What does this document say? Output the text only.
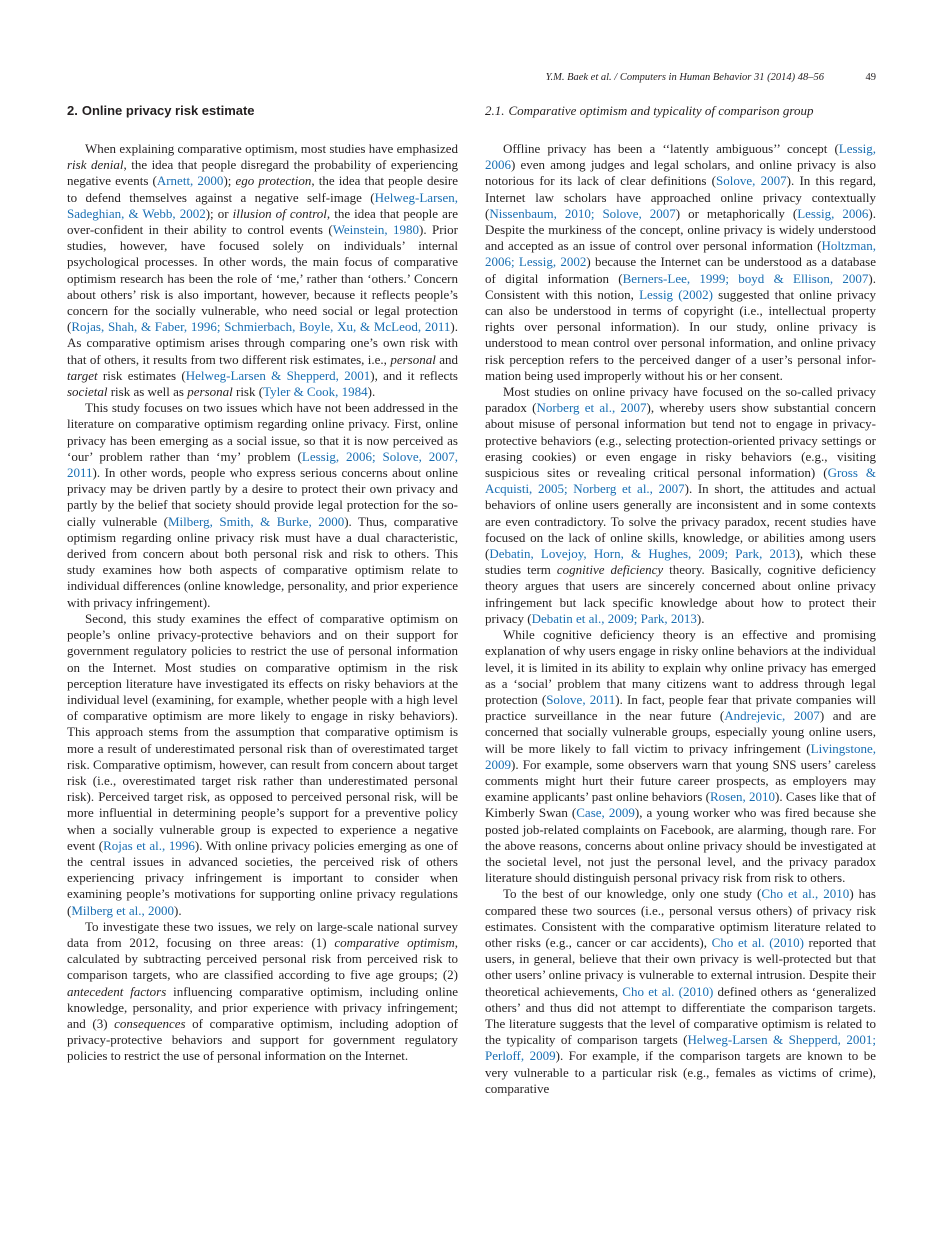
Y.M. Baek et al. / Computers in Human Behavior 31 (2014) 48–56	49
2. Online privacy risk estimate

When explaining comparative optimism, most studies have emphasized risk denial, the idea that people disregard the probability of experiencing negative events (Arnett, 2000); ego protection, the idea that people desire to defend themselves against a negative self-image (Helweg-Larsen, Sadeghian, & Webb, 2002); or illusion of control, the idea that people are over-confident in their ability to control events (Weinstein, 1980). Prior studies, however, have focused solely on individuals’ internal psychological processes. In other words, the main focus of comparative optimism research has been the role of ‘me,’ rather than ‘others.’ Concern about others’ risk is also important, however, because it reflects people’s concern for the socially vulnerable, who need social or legal protection (Rojas, Shah, & Faber, 1996; Schmierbach, Boyle, Xu, & McLeod, 2011). As comparative optimism arises through comparing one’s own risk with that of others, it results from two different risk estimates, i.e., personal and target risk estimates (Helweg-Larsen & Shepperd, 2001), and it reflects societal risk as well as personal risk (Tyler & Cook, 1984).

This study focuses on two issues which have not been addressed in the literature on comparative optimism regarding online privacy. First, online privacy has been emerging as a social issue, so that it is now perceived as ‘our’ problem rather than ‘my’ problem (Lessig, 2006; Solove, 2007, 2011). In other words, people who express serious concerns about online privacy may be driven partly by a desire to protect their own privacy and partly by the belief that society should provide legal protection for the socially vulnerable (Milberg, Smith, & Burke, 2000). Thus, comparative optimism regarding online privacy risk must have a dual characteristic, derived from concern about both personal risk and risk to others. This study examines how both aspects of comparative optimism relate to individual differences (online knowledge, personality, and prior experience with privacy infringement).

Second, this study examines the effect of comparative optimism on people’s online privacy-protective behaviors and on their support for government regulatory policies to restrict the use of personal information on the Internet. Most studies on comparative optimism in the risk perception literature have investigated its effects on risky behaviors at the individual level (examining, for example, whether people with a high level of comparative optimism are more likely to engage in risky behaviors). This approach stems from the assumption that comparative optimism is more a result of underestimated personal risk than of overestimated target risk. Comparative optimism, however, can result from concern about target risk (i.e., overestimated target risk rather than underestimated personal risk). Perceived target risk, as opposed to perceived personal risk, will be more influential in determining people’s support for a preventive policy when a socially vulnerable group is expected to experience a negative event (Rojas et al., 1996). With online privacy policies emerging as one of the central issues in advanced societies, the perceived risk of others experiencing privacy infringement is important to consider when examining people’s motivations for supporting online privacy regulations (Milberg et al., 2000).

To investigate these two issues, we rely on large-scale national survey data from 2012, focusing on three areas: (1) comparative optimism, calculated by subtracting perceived personal risk from perceived risk to comparison targets, who are classified according to five age groups; (2) antecedent factors influencing comparative optimism, including online knowledge, personality, and prior experience with privacy infringement; and (3) consequences of comparative optimism, including adoption of privacy-protective behaviors and support for government regulatory policies to restrict the use of personal information on the Internet.

2.1. Comparative optimism and typicality of comparison group

Offline privacy has been a ‘‘latently ambiguous’’ concept (Lessig, 2006) even among judges and legal scholars, and online privacy is also notorious for its lack of clear definitions (Solove, 2007). In this regard, Internet law scholars have approached online privacy contextually (Nissenbaum, 2010; Solove, 2007) or metaphorically (Lessig, 2006). Despite the murkiness of the concept, online privacy is widely understood and accepted as an issue of control over personal information (Holtzman, 2006; Lessig, 2002) because the Internet can be understood as a database of digital information (Berners-Lee, 1999; boyd & Ellison, 2007). Consistent with this notion, Lessig (2002) suggested that online privacy can also be understood in terms of copyright (i.e., intellectual property rights over personal information). In our study, online privacy is understood to mean control over personal information, and online privacy risk perception refers to the perceived danger of a user’s personal information being used improperly without his or her consent.

Most studies on online privacy have focused on the so-called privacy paradox (Norberg et al., 2007), whereby users show substantial concern about misuse of personal information but tend not to engage in privacy-protective behaviors (e.g., selecting protection-oriented privacy settings or erasing cookies) or even engage in risky behaviors (e.g., visiting suspicious sites or revealing critical personal information) (Gross & Acquisti, 2005; Norberg et al., 2007). In short, the attitudes and actual behaviors of online users generally are inconsistent and in some contexts are even contradictory. To solve the privacy paradox, recent studies have focused on the lack of online skills, knowledge, or abilities among users (Debatin, Lovejoy, Horn, & Hughes, 2009; Park, 2013), which these studies term cognitive deficiency theory. Basically, cognitive deficiency theory argues that users are sincerely concerned about online privacy infringement but lack specific knowledge about how to protect their privacy (Debatin et al., 2009; Park, 2013).

While cognitive deficiency theory is an effective and promising explanation of why users engage in risky online behaviors at the individual level, it is limited in its ability to explain why online privacy has emerged as a ‘social’ problem that many citizens want to address through legal protection (Solove, 2011). In fact, people fear that private companies will practice surveillance in the near future (Andrejevic, 2007) and are concerned that socially vulnerable groups, especially young online users, will be more likely to fall victim to privacy infringement (Livingstone, 2009). For example, some observers warn that young SNS users’ careless comments might hurt their future career prospects, as employers may examine applicants’ past online behaviors (Rosen, 2010). Cases like that of Kimberly Swan (Case, 2009), a young worker who was fired because she posted job-related complaints on Facebook, are alarming, though rare. For the above reasons, concerns about online privacy should be investigated at the societal level, not just the personal level, and the privacy paradox literature should distinguish personal privacy risk from risk to others.

To the best of our knowledge, only one study (Cho et al., 2010) has compared these two sources (i.e., personal versus others) of privacy risk estimates. Consistent with the comparative optimism literature related to other risks (e.g., cancer or car accidents), Cho et al. (2010) reported that users, in general, believe that their own privacy is well-protected but that other users’ online privacy is vulnerable to external intrusion. Despite their theoretical achievements, Cho et al. (2010) defined others as ‘generalized others’ and thus did not attempt to differentiate the comparison targets. The literature suggests that the level of comparative optimism is related to the typicality of comparison targets (Helweg-Larsen & Shepperd, 2001; Perloff, 2009). For example, if the comparison targets are known to be very vulnerable to a particular risk (e.g., females as victims of crime), comparative
